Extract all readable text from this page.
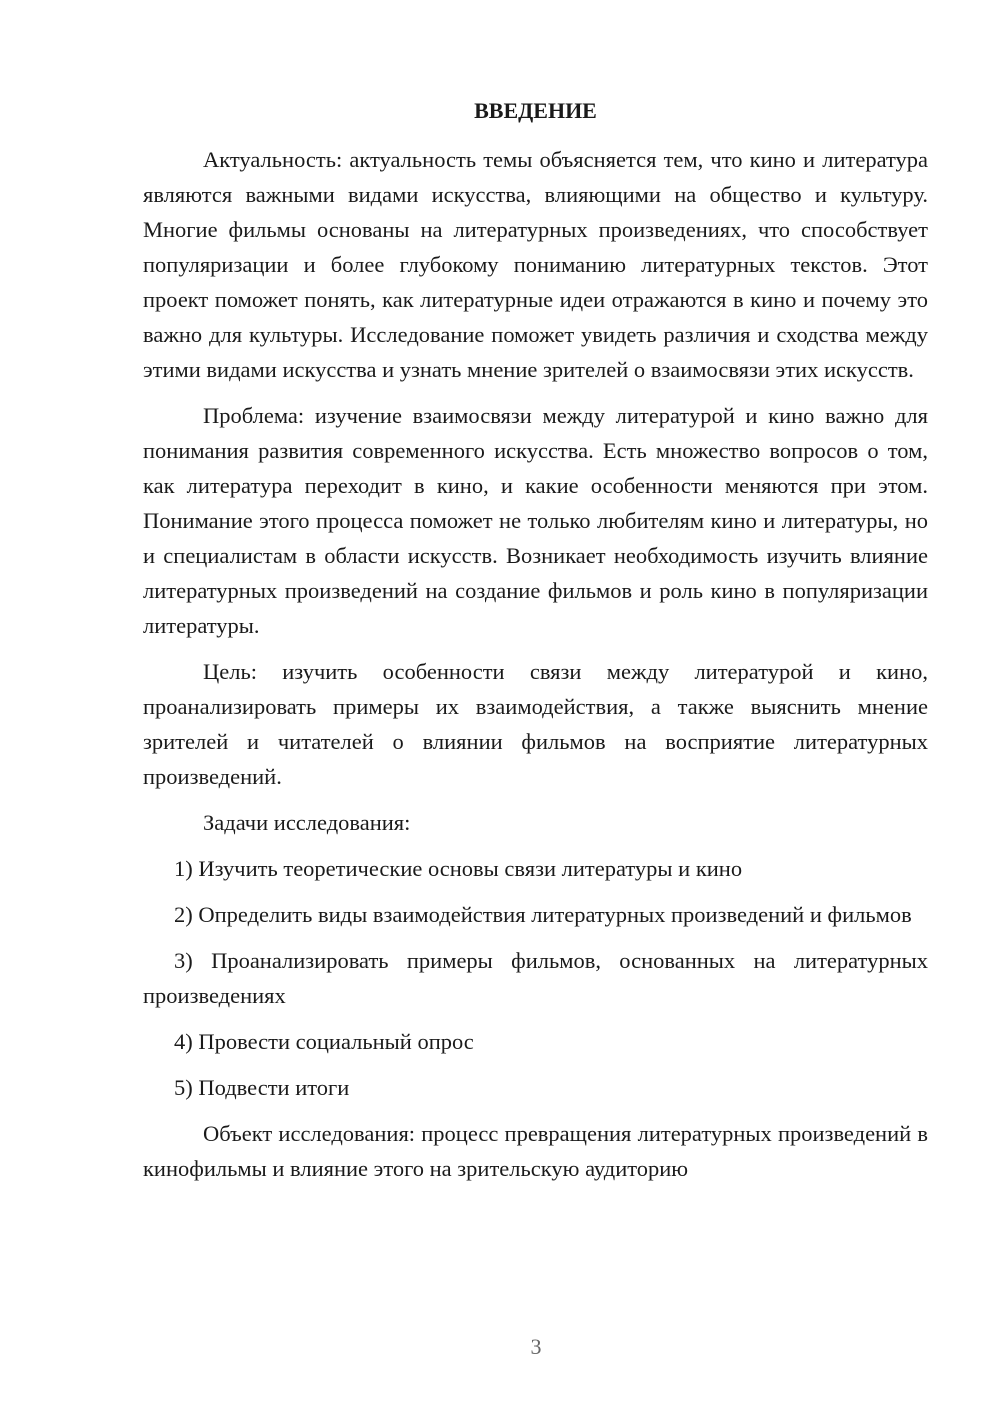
ВВЕДЕНИЕ

Актуальность: актуальность темы объясняется тем, что кино и литература являются важными видами искусства, влияющими на общество и культуру. Многие фильмы основаны на литературных произведениях, что способствует популяризации и более глубокому пониманию литературных текстов. Этот проект поможет понять, как литературные идеи отражаются в кино и почему это важно для культуры. Исследование поможет увидеть различия и сходства между этими видами искусства и узнать мнение зрителей о взаимосвязи этих искусств.

Проблема: изучение взаимосвязи между литературой и кино важно для понимания развития современного искусства. Есть множество вопросов о том, как литература переходит в кино, и какие особенности меняются при этом. Понимание этого процесса поможет не только любителям кино и литературы, но и специалистам в области искусств. Возникает необходимость изучить влияние литературных произведений на создание фильмов и роль кино в популяризации литературы.

Цель: изучить особенности связи между литературой и кино, проанализировать примеры их взаимодействия, а также выяснить мнение зрителей и читателей о влиянии фильмов на восприятие литературных произведений.

Задачи исследования:

1) Изучить теоретические основы связи литературы и кино

2) Определить виды взаимодействия литературных произведений и фильмов

3) Проанализировать примеры фильмов, основанных на литературных произведениях

4) Провести социальный опрос

5) Подвести итоги

Объект исследования: процесс превращения литературных произведений в кинофильмы и влияние этого на зрительскую аудиторию

3
